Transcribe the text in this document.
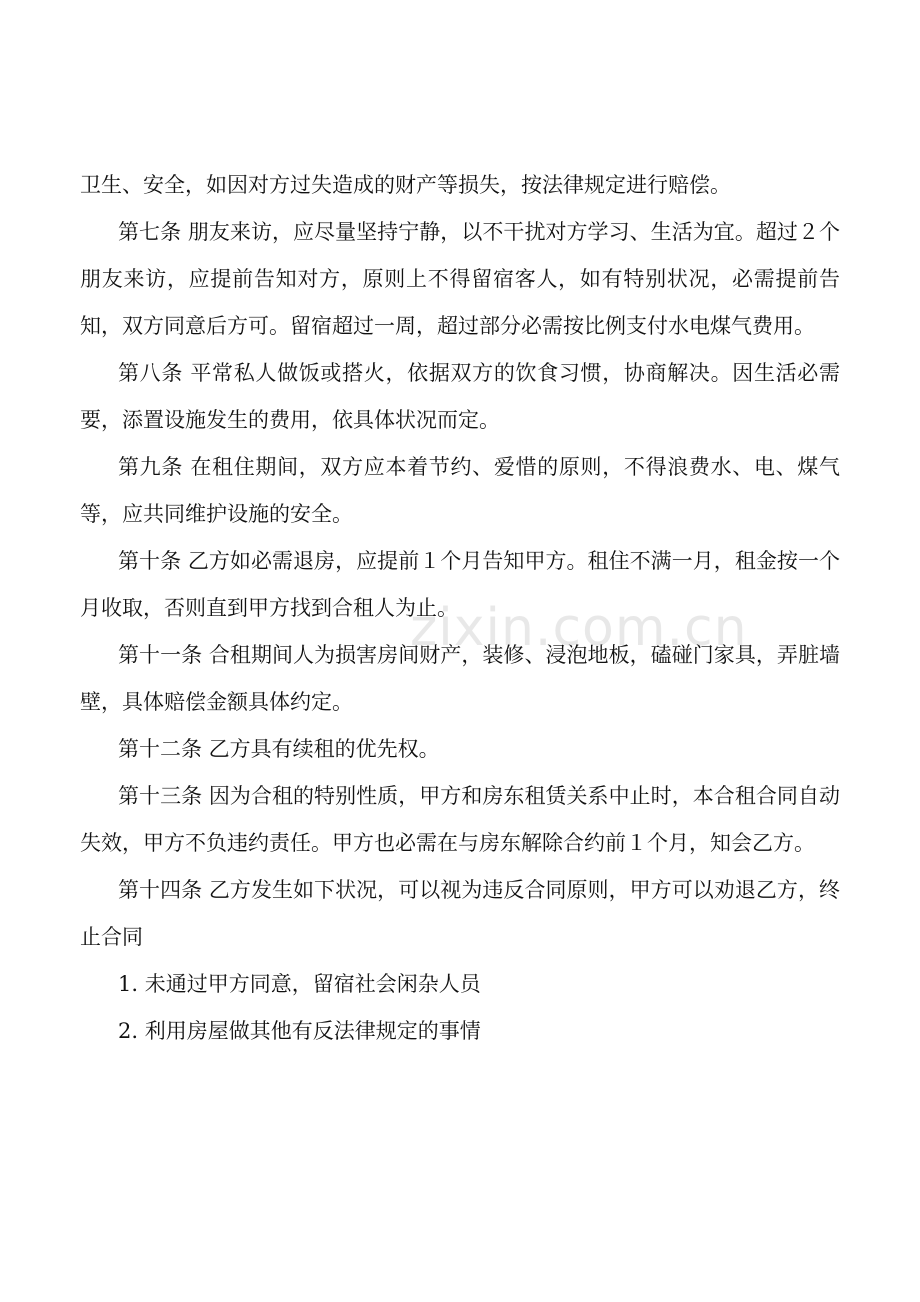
卫生、安全，如因对方过失造成的财产等损失，按法律规定进行赔偿。

第七条 朋友来访，应尽量坚持宁静，以不干扰对方学习、生活为宜。超过２个朋友来访，应提前告知对方，原则上不得留宿客人，如有特别状况，必需提前告知，双方同意后方可。留宿超过一周，超过部分必需按比例支付水电煤气费用。

第八条 平常私人做饭或搭火，依据双方的饮食习惯，协商解决。因生活必需要，添置设施发生的费用，依具体状况而定。

第九条 在租住期间，双方应本着节约、爱惜的原则，不得浪费水、电、煤气等，应共同维护设施的安全。

第十条 乙方如必需退房，应提前１个月告知甲方。租住不满一月，租金按一个月收取，否则直到甲方找到合租人为止。

第十一条 合租期间人为损害房间财产，装修、浸泡地板，磕碰门家具，弄脏墙壁，具体赔偿金额具体约定。

第十二条 乙方具有续租的优先权。

第十三条 因为合租的特别性质，甲方和房东租赁关系中止时，本合租合同自动失效，甲方不负违约责任。甲方也必需在与房东解除合约前１个月，知会乙方。

第十四条 乙方发生如下状况，可以视为违反合同原则，甲方可以劝退乙方，终止合同

1. 未通过甲方同意，留宿社会闲杂人员

2. 利用房屋做其他有反法律规定的事情

zixin.com.cn
